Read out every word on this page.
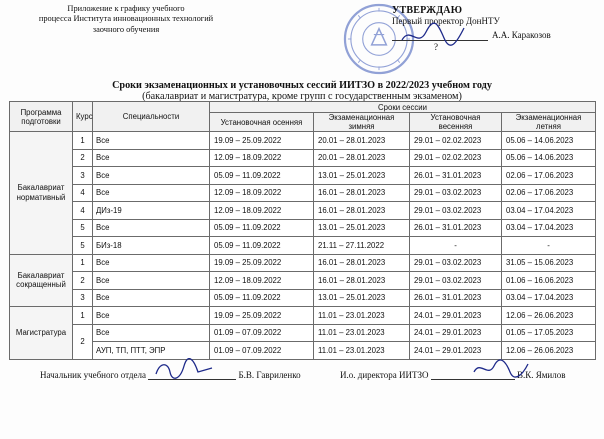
Приложение к графику учебного
процесса Института инновационных технологий
заочного обучения
УТВЕРЖДАЮ
Первый проректор ДонНТУ
А.А. Каракозов
?
Сроки экзаменационных и установочных сессий ИИТЗО в 2022/2023 учебном году
(бакалавриат и магистратура, кроме групп с государственным экзаменом)
Программа подготовки	Курс	Специальности	Сроки сессии			
			Установочная осенняя	Экзаменационная зимняя	Установочная весенняя	Экзаменационная летняя
Бакалавриат нормативный	1	Все	19.09 – 25.09.2022	20.01 – 28.01.2023	29.01 – 02.02.2023	05.06 – 14.06.2023
	2	Все	12.09 – 18.09.2022	20.01 – 28.01.2023	29.01 – 02.02.2023	05.06 – 14.06.2023
	3	Все	05.09 – 11.09.2022	13.01 – 25.01.2023	26.01 – 31.01.2023	02.06 – 17.06.2023
	4	Все	12.09 – 18.09.2022	16.01 – 28.01.2023	29.01 – 03.02.2023	02.06 – 17.06.2023
	4	ДИз-19	12.09 – 18.09.2022	16.01 – 28.01.2023	29.01 – 03.02.2023	03.04 – 17.04.2023
	5	Все	05.09 – 11.09.2022	13.01 – 25.01.2023	26.01 – 31.01.2023	03.04 – 17.04.2023
	5	БИз-18	05.09 – 11.09.2022	21.11 – 27.11.2022	-	-
Бакалавриат сокращенный	1	Все	19.09 – 25.09.2022	16.01 – 28.01.2023	29.01 – 03.02.2023	31.05 – 15.06.2023
	2	Все	12.09 – 18.09.2022	16.01 – 28.01.2023	29.01 – 03.02.2023	01.06 – 16.06.2023
	3	Все	05.09 – 11.09.2022	13.01 – 25.01.2023	26.01 – 31.01.2023	03.04 – 17.04.2023
Магистратура	1	Все	19.09 – 25.09.2022	11.01 – 23.01.2023	24.01 – 29.01.2023	12.06 – 26.06.2023
	2	Все	01.09 – 07.09.2022	11.01 – 23.01.2023	24.01 – 29.01.2023	01.05 – 17.05.2023
		АУП, ТП, ПТТ, ЭПР	01.09 – 07.09.2022	11.01 – 23.01.2023	24.01 – 29.01.2023	12.06 – 26.06.2023
Начальник учебного отдела	Б.В. Гавриленко	И.о. директора ИИТЗО	В.К. Ямилов
